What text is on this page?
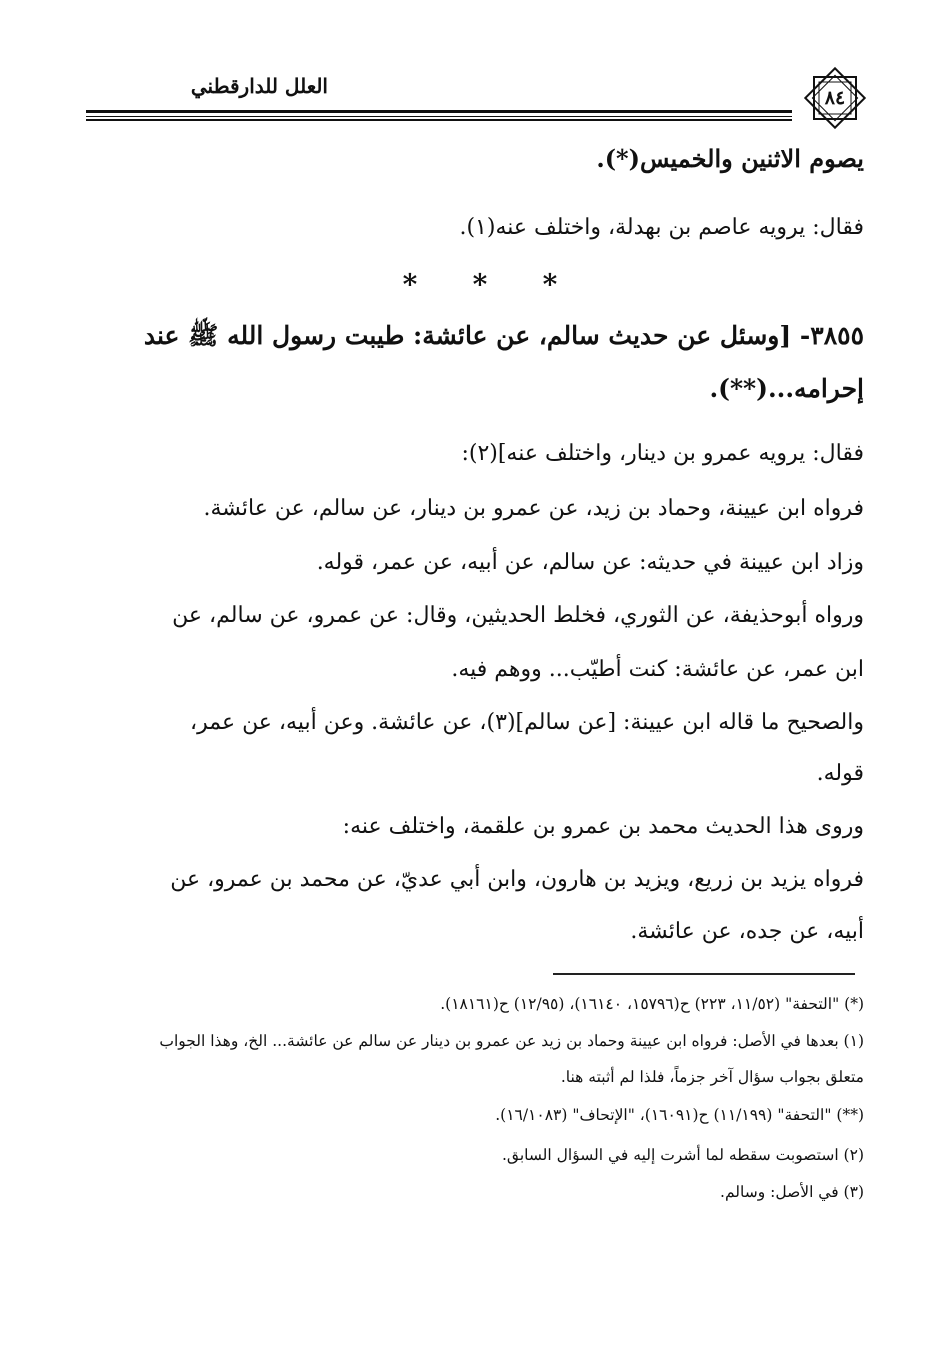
العلل للدارقطني	٨٤
يصوم الاثنين والخميس(*).
فقال: يرويه عاصم بن بهدلة، واختلف عنه(١).
*	*	*
٣٨٥٥- [وسئل عن حديث سالم، عن عائشة: طيبت رسول الله ﷺ عند
إحرامه...(**).
فقال: يرويه عمرو بن دينار، واختلف عنه](٢):
فرواه ابن عيينة، وحماد بن زيد، عن عمرو بن دينار، عن سالم، عن عائشة.
وزاد ابن عيينة في حديثه: عن سالم، عن أبيه، عن عمر، قوله.
ورواه أبوحذيفة، عن الثوري، فخلط الحديثين، وقال: عن عمرو، عن سالم، عن
ابن عمر، عن عائشة: كنت أطيّب... ووهم فيه.
والصحيح ما قاله ابن عيينة: [عن سالم](٣)، عن عائشة. وعن أبيه، عن عمر،
قوله.
وروى هذا الحديث محمد بن عمرو بن علقمة، واختلف عنه:
فرواه يزيد بن زريع، ويزيد بن هارون، وابن أبي عديّ، عن محمد بن عمرو، عن
أبيه، عن جده، عن عائشة.
(*) "التحفة" (١١/٥٢، ٢٢٣) ح(١٥٧٩٦، ١٦١٤٠)، (١٢/٩٥) ح(١٨١٦١).
(١) بعدها في الأصل: فرواه ابن عيينة وحماد بن زيد عن عمرو بن دينار عن سالم عن عائشة... الخ، وهذا الجواب
متعلق بجواب سؤال آخر جزماً، فلذا لم أثبته هنا.
(**) "التحفة" (١١/١٩٩) ح(١٦٠٩١)، "الإتحاف" (١٦/١٠٨٣).
(٢) استصوبت سقطه لما أشرت إليه في السؤال السابق.
(٣) في الأصل: وسالم.
